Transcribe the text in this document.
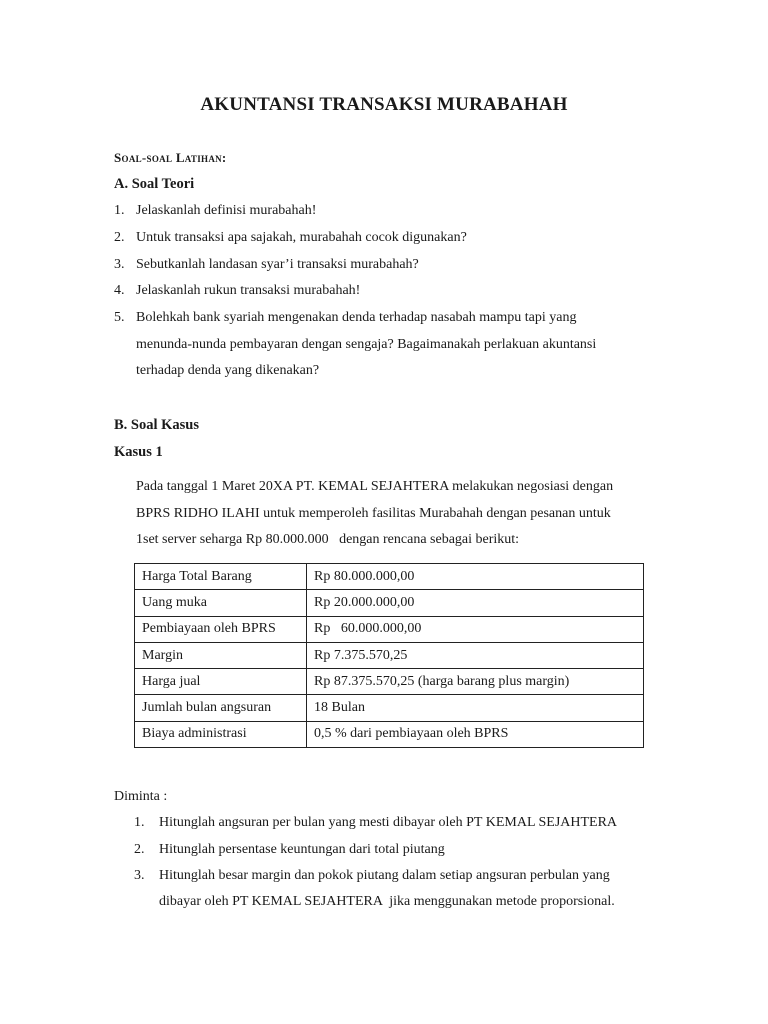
AKUNTANSI TRANSAKSI MURABAHAH
Soal-soal Latihan:
A. Soal Teori
1. Jelaskanlah definisi murabahah!
2. Untuk transaksi apa sajakah, murabahah cocok digunakan?
3. Sebutkanlah landasan syar’i transaksi murabahah?
4. Jelaskanlah rukun transaksi murabahah!
5. Bolehkah bank syariah mengenakan denda terhadap nasabah mampu tapi yang
menunda-nunda pembayaran dengan sengaja? Bagaimanakah perlakuan akuntansi
terhadap denda yang dikenakan?
B. Soal Kasus
Kasus 1
Pada tanggal 1 Maret 20XA PT. KEMAL SEJAHTERA melakukan negosiasi dengan
BPRS RIDHO ILAHI untuk memperoleh fasilitas Murabahah dengan pesanan untuk
1set server seharga Rp 80.000.000   dengan rencana sebagai berikut:
Harga Total Barang	Rp 80.000.000,00
Uang muka	Rp 20.000.000,00
Pembiayaan oleh BPRS	Rp   60.000.000,00
Margin	Rp 7.375.570,25
Harga jual	Rp 87.375.570,25 (harga barang plus margin)
Jumlah bulan angsuran	18 Bulan
Biaya administrasi	0,5 % dari pembiayaan oleh BPRS
Diminta :
1.	Hitunglah angsuran per bulan yang mesti dibayar oleh PT KEMAL SEJAHTERA
2.	Hitunglah persentase keuntungan dari total piutang
3.	Hitunglah besar margin dan pokok piutang dalam setiap angsuran perbulan yang
dibayar oleh PT KEMAL SEJAHTERA  jika menggunakan metode proporsional.
